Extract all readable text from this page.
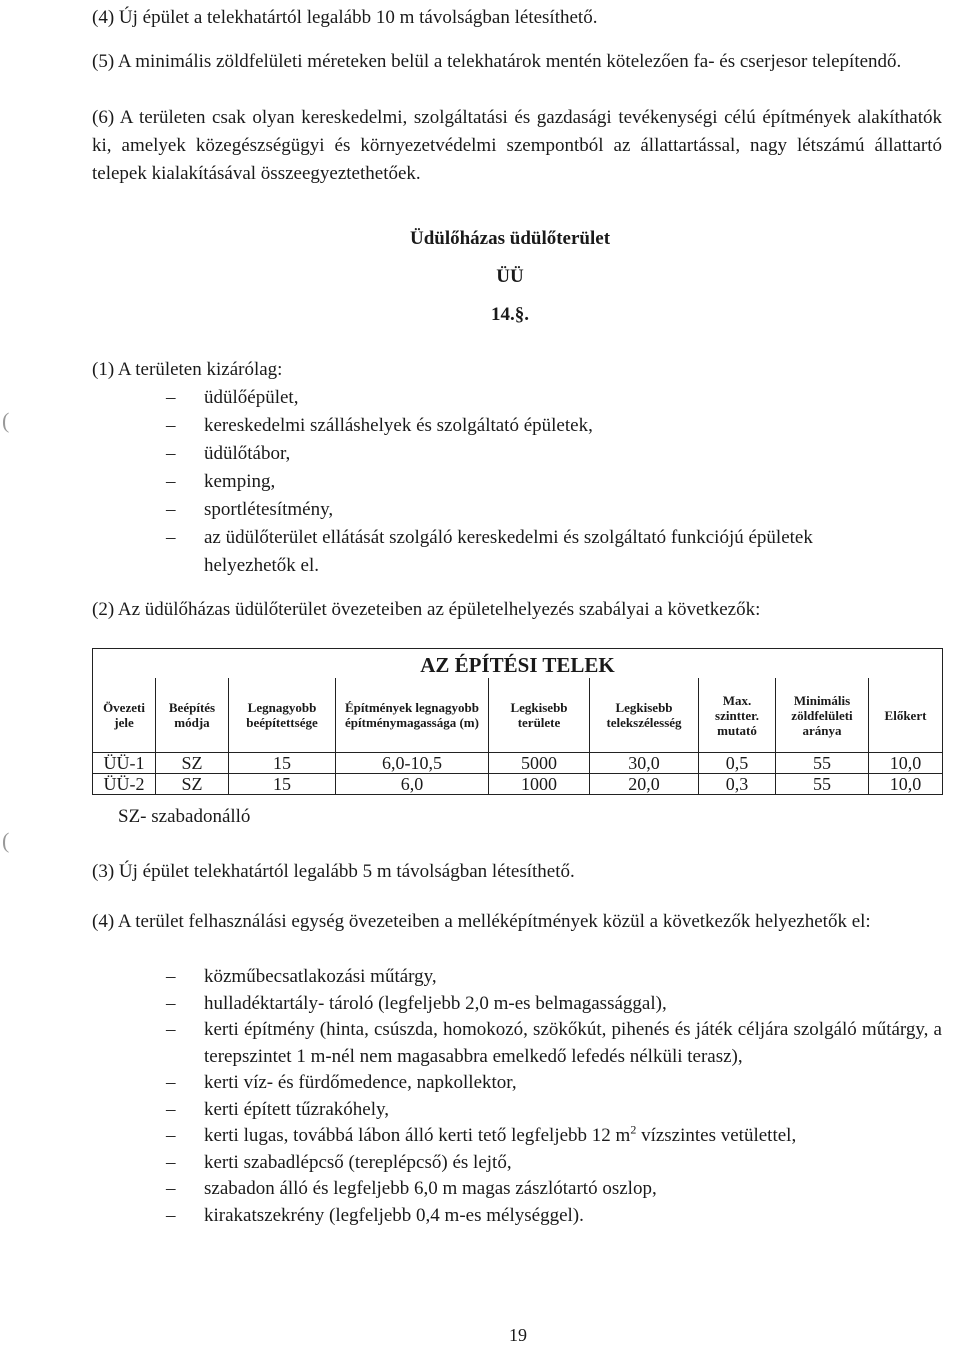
(4) Új épület a telekhatártól legalább 10 m távolságban létesíthető.

(5) A minimális zöldfelületi méreteken belül a telekhatárok mentén kötelezően fa- és cserjesor telepítendő.

(6) A területen csak olyan kereskedelmi, szolgáltatási és gazdasági tevékenységi célú építmények alakíthatók ki, amelyek közegészségügyi és környezetvédelmi szempontból az állattartással, nagy létszámú állattartó telepek kialakításával összeegyeztethetőek.

Üdülőházas üdülőterület
ÜÜ
14.§.

(1) A területen kizárólag:

– üdülőépület,
– kereskedelmi szálláshelyek és szolgáltató épületek,
– üdülőtábor,
– kemping,
– sportlétesítmény,
– az üdülőterület ellátását szolgáló kereskedelmi és szolgáltató funkciójú épületek
helyezhetők el.

(2) Az üdülőházas üdülőterület övezeteiben az épületelhelyezés szabályai a következők:

AZ ÉPÍTÉSI TELEK								
Övezeti jele	Beépítés módja	Legnagyobb beépítettsége	Építmények legnagyobb építménymagassága (m)	Legkisebb területe	Legkisebb telekszélesség	Max. szintter. mutató	Minimális zöldfelületi aránya	Előkert
ÜÜ-1	SZ	15	6,0-10,5	5000	30,0	0,5	55	10,0
ÜÜ-2	SZ	15	6,0	1000	20,0	0,3	55	10,0
SZ- szabadonálló

(3) Új épület telekhatártól legalább 5 m távolságban létesíthető.

(4) A terület felhasználási egység övezeteiben a melléképítmények közül a következők helyezhetők el:

– közműbecsatlakozási műtárgy,
– hulladéktartály- tároló (legfeljebb 2,0 m-es belmagassággal),
– kerti építmény (hinta, csúszda, homokozó, szökőkút, pihenés és játék céljára szolgáló műtárgy, a terepszintet 1 m-nél nem magasabbra emelkedő lefedés nélküli terasz),
– kerti víz- és fürdőmedence, napkollektor,
– kerti épített tűzrakóhely,
– kerti lugas, továbbá lábon álló kerti tető legfeljebb 12 $m^2$ vízszintes vetülettel,
– kerti szabadlépcső (tereplépcső) és lejtő,
– szabadon álló és legfeljebb 6,0 m magas zászlótartó oszlop,
– kirakatszekrény (legfeljebb 0,4 m-es mélységgel).
19
(
(
